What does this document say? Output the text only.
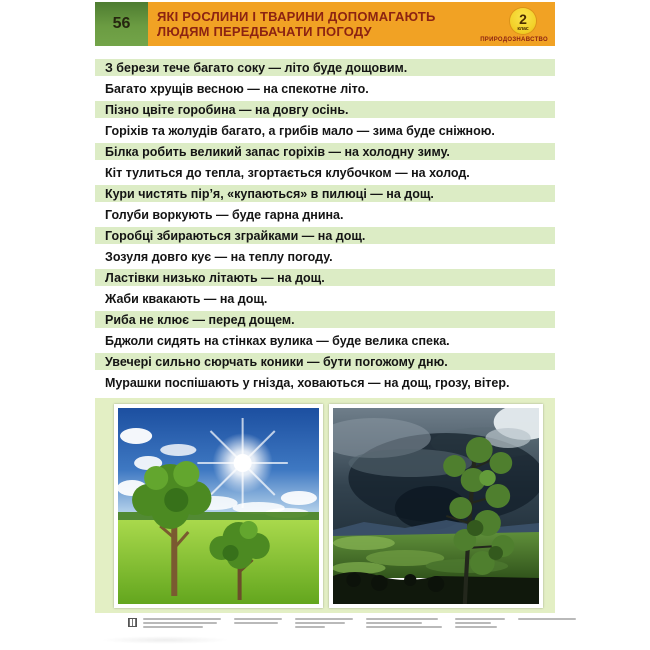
56	ЯКІ РОСЛИНИ І ТВАРИНИ ДОПОМАГАЮТЬ
ЛЮДЯМ ПЕРЕДБАЧАТИ ПОГОДУ
2
клас
ПРИРОДОЗНАВСТВО
З берези тече багато соку — літо буде дощовим.
Багато хрущів весною — на спекотне літо.
Пізно цвіте горобина — на довгу осінь.
Горіхів та жолудів багато, а грибів мало — зима буде сніжною.
Білка робить великий запас горіхів — на холодну зиму.
Кіт тулиться до тепла, згортається клубочком — на холод.
Кури чистять пір’я, «купаються» в пилюці — на дощ.
Голуби воркують — буде гарна днина.
Горобці збираються зграйками — на дощ.
Зозуля довго кує — на теплу погоду.
Ластівки низько літають — на дощ.
Жаби квакають — на дощ.
Риба не клює — перед дощем.
Бджоли сидять на стінках вулика — буде велика спека.
Увечері сильно сюрчать коники — бути погожому дню.
Мурашки поспішають у гнізда, ховаються — на дощ, грозу, вітер.
